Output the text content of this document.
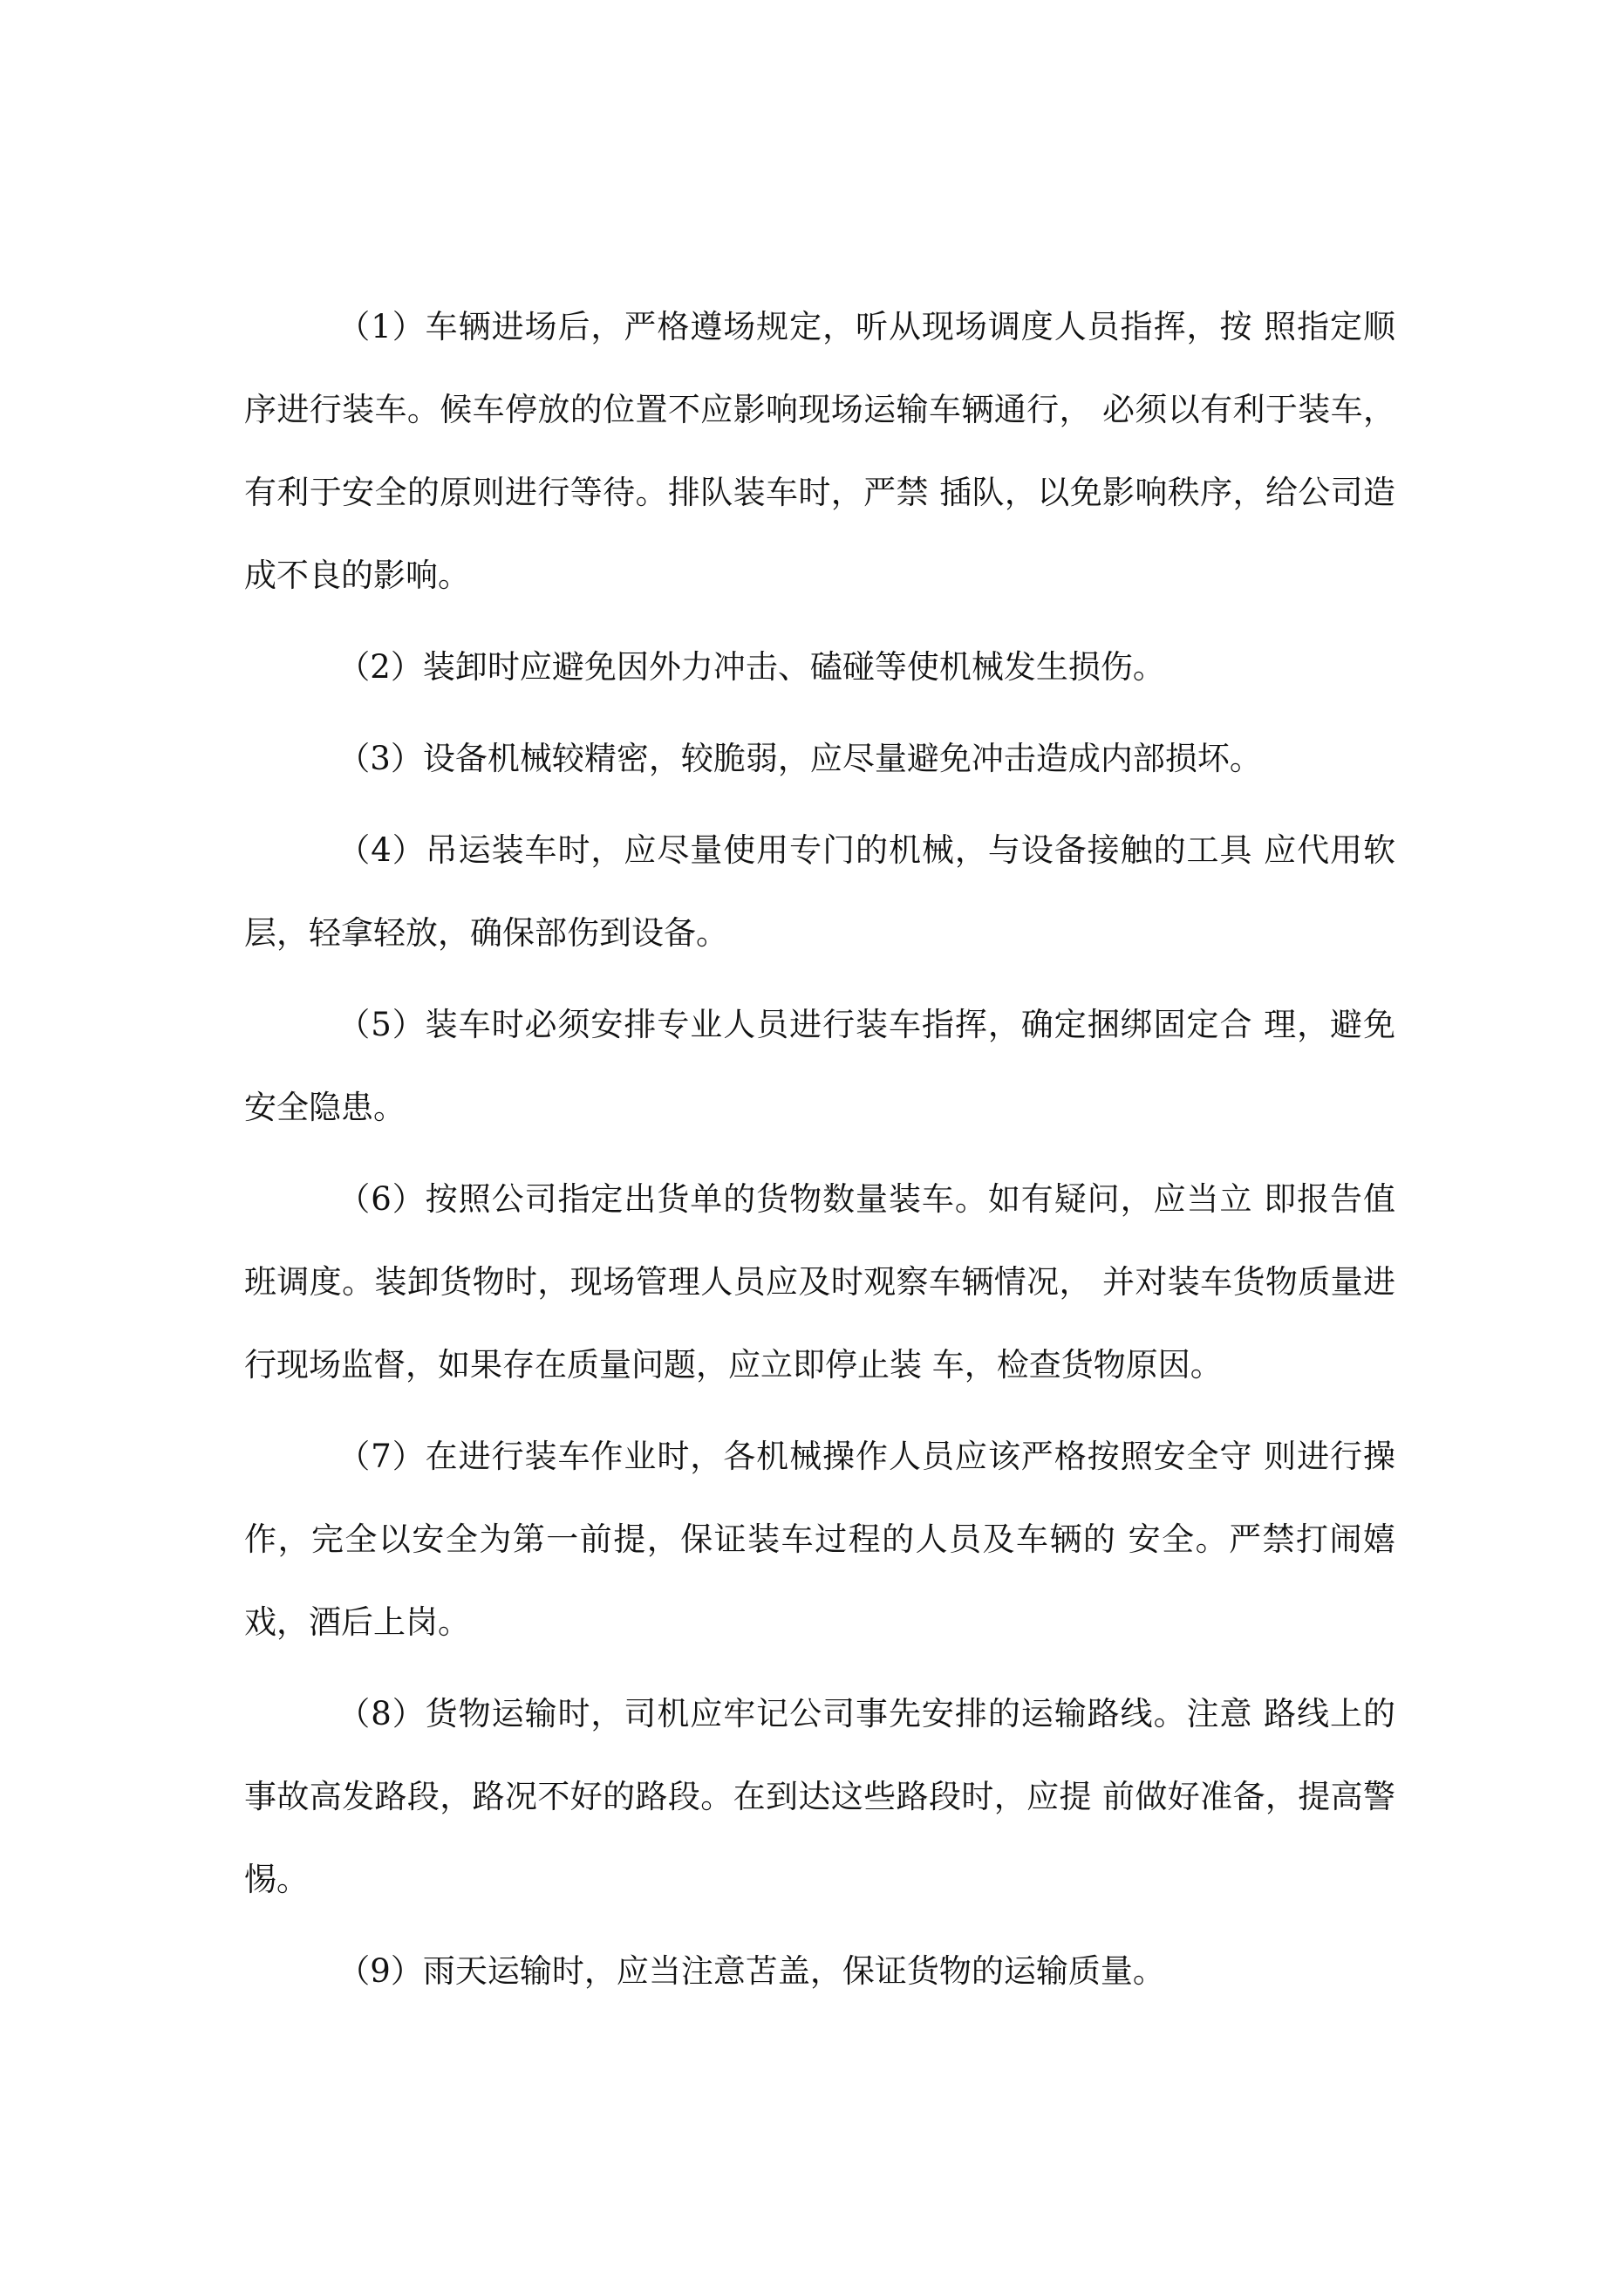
（1）车辆进场后，严格遵场规定，听从现场调度人员指挥，按 照指定顺序进行装车。候车停放的位置不应影响现场运输车辆通行， 必须以有利于装车，有利于安全的原则进行等待。排队装车时，严禁 插队，以免影响秩序，给公司造成不良的影响。

（2）装卸时应避免因外力冲击、磕碰等使机械发生损伤。

（3）设备机械较精密，较脆弱，应尽量避免冲击造成内部损坏。

（4）吊运装车时，应尽量使用专门的机械，与设备接触的工具 应代用软层，轻拿轻放，确保部伤到设备。

（5）装车时必须安排专业人员进行装车指挥，确定捆绑固定合 理，避免安全隐患。

（6）按照公司指定出货单的货物数量装车。如有疑问，应当立 即报告值班调度。装卸货物时，现场管理人员应及时观察车辆情况， 并对装车货物质量进行现场监督，如果存在质量问题，应立即停止装 车，检查货物原因。

（7）在进行装车作业时，各机械操作人员应该严格按照安全守 则进行操作，完全以安全为第一前提，保证装车过程的人员及车辆的 安全。严禁打闹嬉戏，酒后上岗。

（8）货物运输时，司机应牢记公司事先安排的运输路线。注意 路线上的事故高发路段，路况不好的路段。在到达这些路段时，应提 前做好准备，提高警惕。

（9）雨天运输时，应当注意苫盖，保证货物的运输质量。
